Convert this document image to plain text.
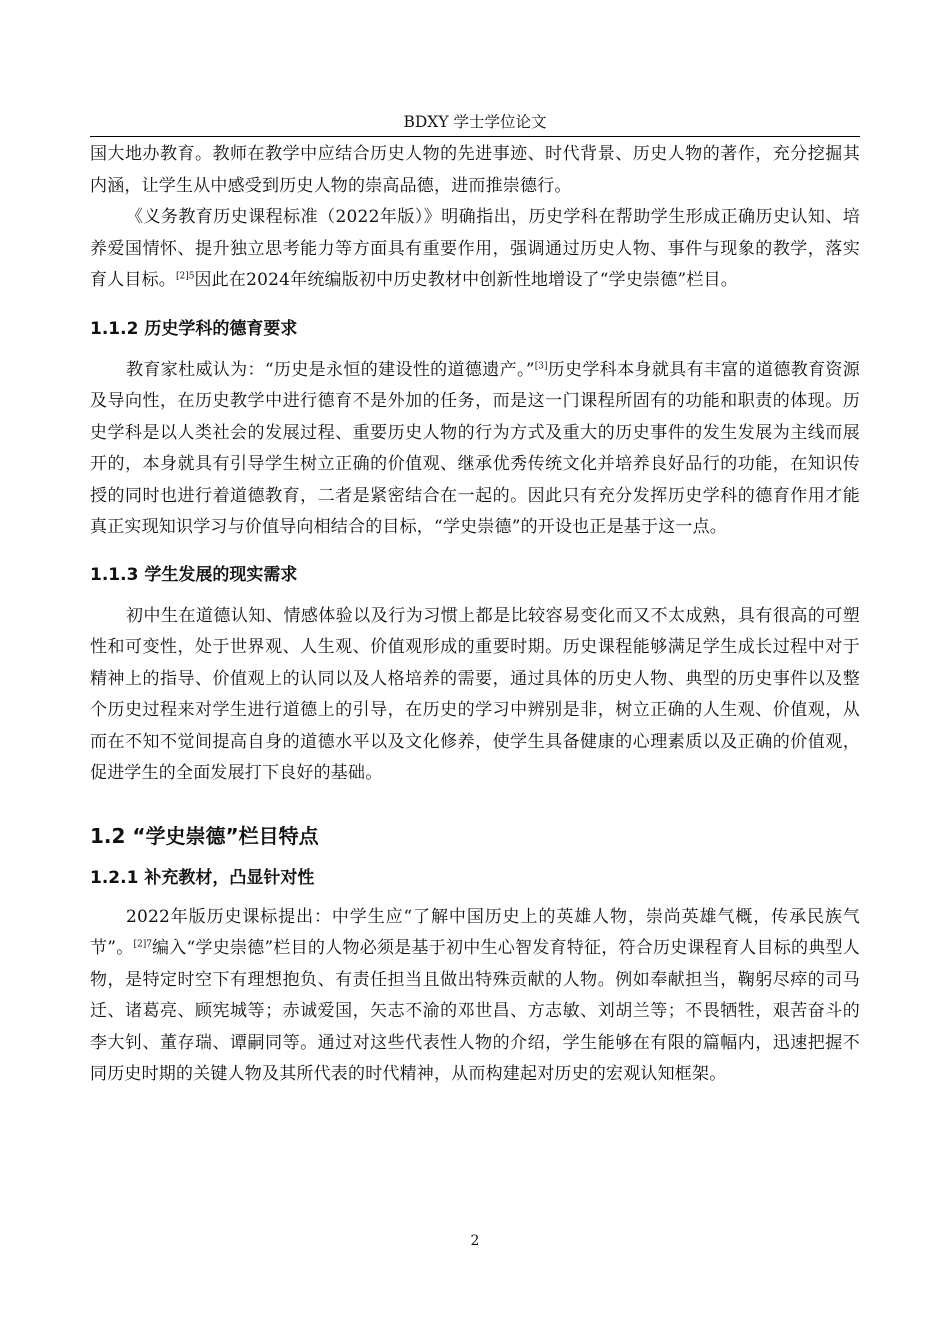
BDXY 学士学位论文

国大地办教育。教师在教学中应结合历史人物的先进事迹、时代背景、历史人物的著作，充分挖掘其内涵，让学生从中感受到历史人物的崇高品德，进而推崇德行。

《义务教育历史课程标准（2022年版）》明确指出，历史学科在帮助学生形成正确历史认知、培养爱国情怀、提升独立思考能力等方面具有重要作用，强调通过历史人物、事件与现象的教学，落实育人目标。$^{[2]5}$因此在2024年统编版初中历史教材中创新性地增设了“学史崇德”栏目。

1.1.2 历史学科的德育要求

教育家杜威认为：“历史是永恒的建设性的道德遗产。”[3]历史学科本身就具有丰富的道德教育资源及导向性，在历史教学中进行德育不是外加的任务，而是这一门课程所固有的功能和职责的体现。历史学科是以人类社会的发展过程、重要历史人物的行为方式及重大的历史事件的发生发展为主线而展开的，本身就具有引导学生树立正确的价值观、继承优秀传统文化并培养良好品行的功能，在知识传授的同时也进行着道德教育，二者是紧密结合在一起的。因此只有充分发挥历史学科的德育作用才能真正实现知识学习与价值导向相结合的目标，“学史崇德”的开设也正是基于这一点。

1.1.3 学生发展的现实需求

初中生在道德认知、情感体验以及行为习惯上都是比较容易变化而又不太成熟，具有很高的可塑性和可变性，处于世界观、人生观、价值观形成的重要时期。历史课程能够满足学生成长过程中对于精神上的指导、价值观上的认同以及人格培养的需要，通过具体的历史人物、典型的历史事件以及整个历史过程来对学生进行道德上的引导，在历史的学习中辨别是非，树立正确的人生观、价值观，从而在不知不觉间提高自身的道德水平以及文化修养，使学生具备健康的心理素质以及正确的价值观，促进学生的全面发展打下良好的基础。

1.2 “学史崇德”栏目特点
1.2.1 补充教材，凸显针对性

2022年版历史课标提出：中学生应“了解中国历史上的英雄人物，崇尚英雄气概，传承民族气节”。$^{[2]7}$编入“学史崇德”栏目的人物必须是基于初中生心智发育特征，符合历史课程育人目标的典型人物，是特定时空下有理想抱负、有责任担当且做出特殊贡献的人物。例如奉献担当，鞠躬尽瘁的司马迁、诸葛亮、顾宪城等；赤诚爱国，矢志不渝的邓世昌、方志敏、刘胡兰等；不畏牺牲，艰苦奋斗的李大钊、董存瑞、谭嗣同等。通过对这些代表性人物的介绍，学生能够在有限的篇幅内，迅速把握不同历史时期的关键人物及其所代表的时代精神，从而构建起对历史的宏观认知框架。

2
